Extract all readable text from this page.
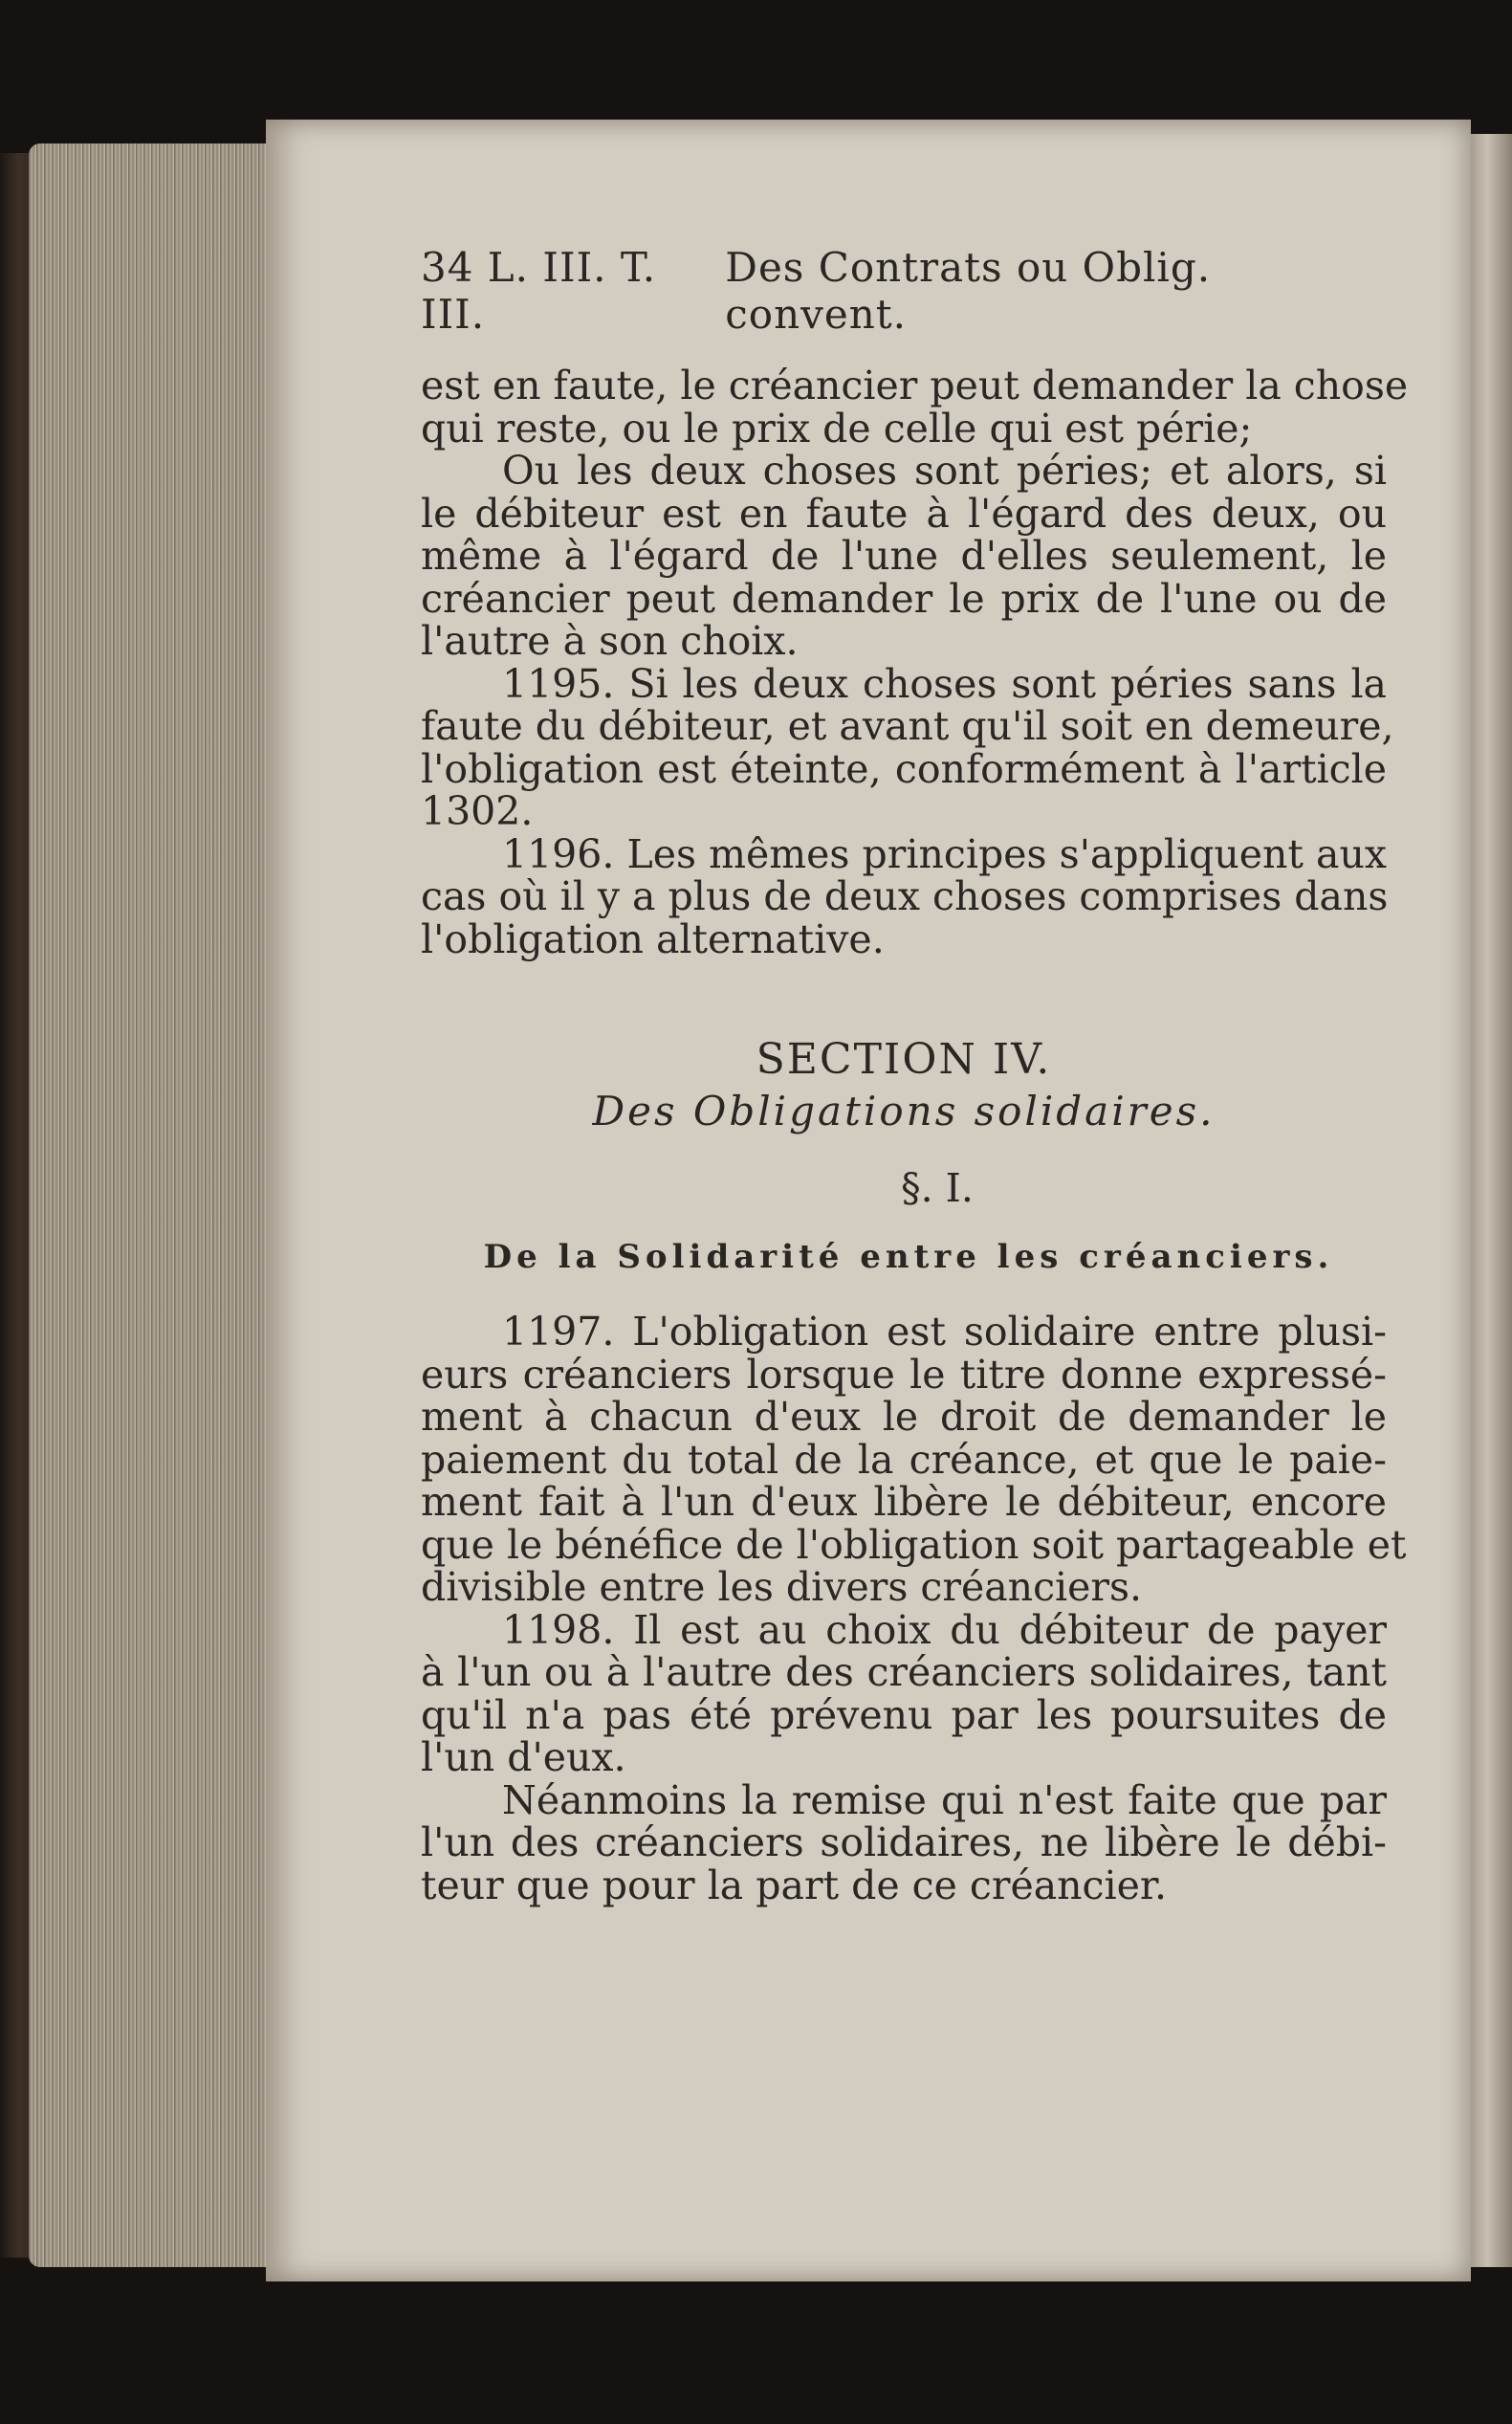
34 L. III. T. III.
Des Contrats ou Oblig. convent.
est en faute, le créancier peut demander la chose
qui reste, ou le prix de celle qui est périe;
Ou les deux choses sont péries; et alors, si
le débiteur est en faute à l'égard des deux, ou
même à l'égard de l'une d'elles seulement, le
créancier peut demander le prix de l'une ou de
l'autre à son choix.
1195. Si les deux choses sont péries sans la
faute du débiteur, et avant qu'il soit en demeure,
l'obligation est éteinte, conformément à l'article
1302.
1196. Les mêmes principes s'appliquent aux
cas où il y a plus de deux choses comprises dans
l'obligation alternative.
SECTION IV.
Des Obligations solidaires.
§. I.
De la Solidarité entre les créanciers.
1197. L'obligation est solidaire entre plusi-
eurs créanciers lorsque le titre donne expressé-
ment à chacun d'eux le droit de demander le
paiement du total de la créance, et que le paie-
ment fait à l'un d'eux libère le débiteur, encore
que le bénéfice de l'obligation soit partageable et
divisible entre les divers créanciers.
1198. Il est au choix du débiteur de payer
à l'un ou à l'autre des créanciers solidaires, tant
qu'il n'a pas été prévenu par les poursuites de
l'un d'eux.
Néanmoins la remise qui n'est faite que par
l'un des créanciers solidaires, ne libère le débi-
teur que pour la part de ce créancier.
